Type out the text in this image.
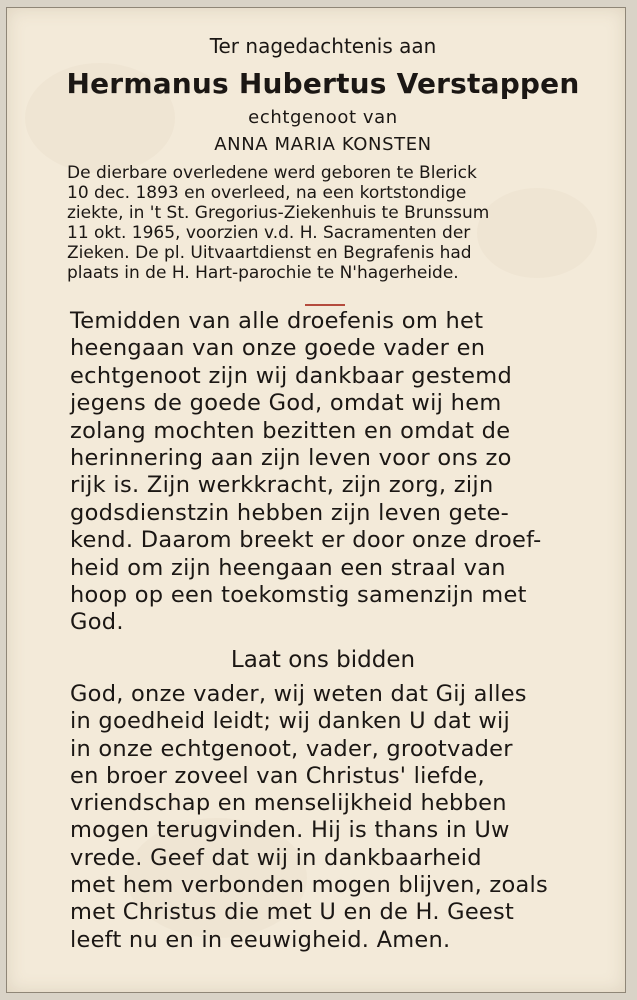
Ter nagedachtenis aan
Hermanus Hubertus Verstappen
echtgenoot van
ANNA MARIA KONSTEN
De dierbare overledene werd geboren te Blerick
10 dec. 1893 en overleed, na een kortstondige
ziekte, in 't St. Gregorius-Ziekenhuis te Brunssum
11 okt. 1965, voorzien v.d. H. Sacramenten der
Zieken. De pl. Uitvaartdienst en Begrafenis had
plaats in de H. Hart-parochie te N'hagerheide.
Temidden van alle droefenis om het
heengaan van onze goede vader en
echtgenoot zijn wij dankbaar gestemd
jegens de goede God, omdat wij hem
zolang mochten bezitten en omdat de
herinnering aan zijn leven voor ons zo
rijk is. Zijn werkkracht, zijn zorg, zijn
godsdienstzin hebben zijn leven gete-
kend. Daarom breekt er door onze droef-
heid om zijn heengaan een straal van
hoop op een toekomstig samenzijn met
God.
Laat ons bidden
God, onze vader, wij weten dat Gij alles
in goedheid leidt; wij danken U dat wij
in onze echtgenoot, vader, grootvader
en broer zoveel van Christus' liefde,
vriendschap en menselijkheid hebben
mogen terugvinden. Hij is thans in Uw
vrede. Geef dat wij in dankbaarheid
met hem verbonden mogen blijven, zoals
met Christus die met U en de H. Geest
leeft nu en in eeuwigheid. Amen.
